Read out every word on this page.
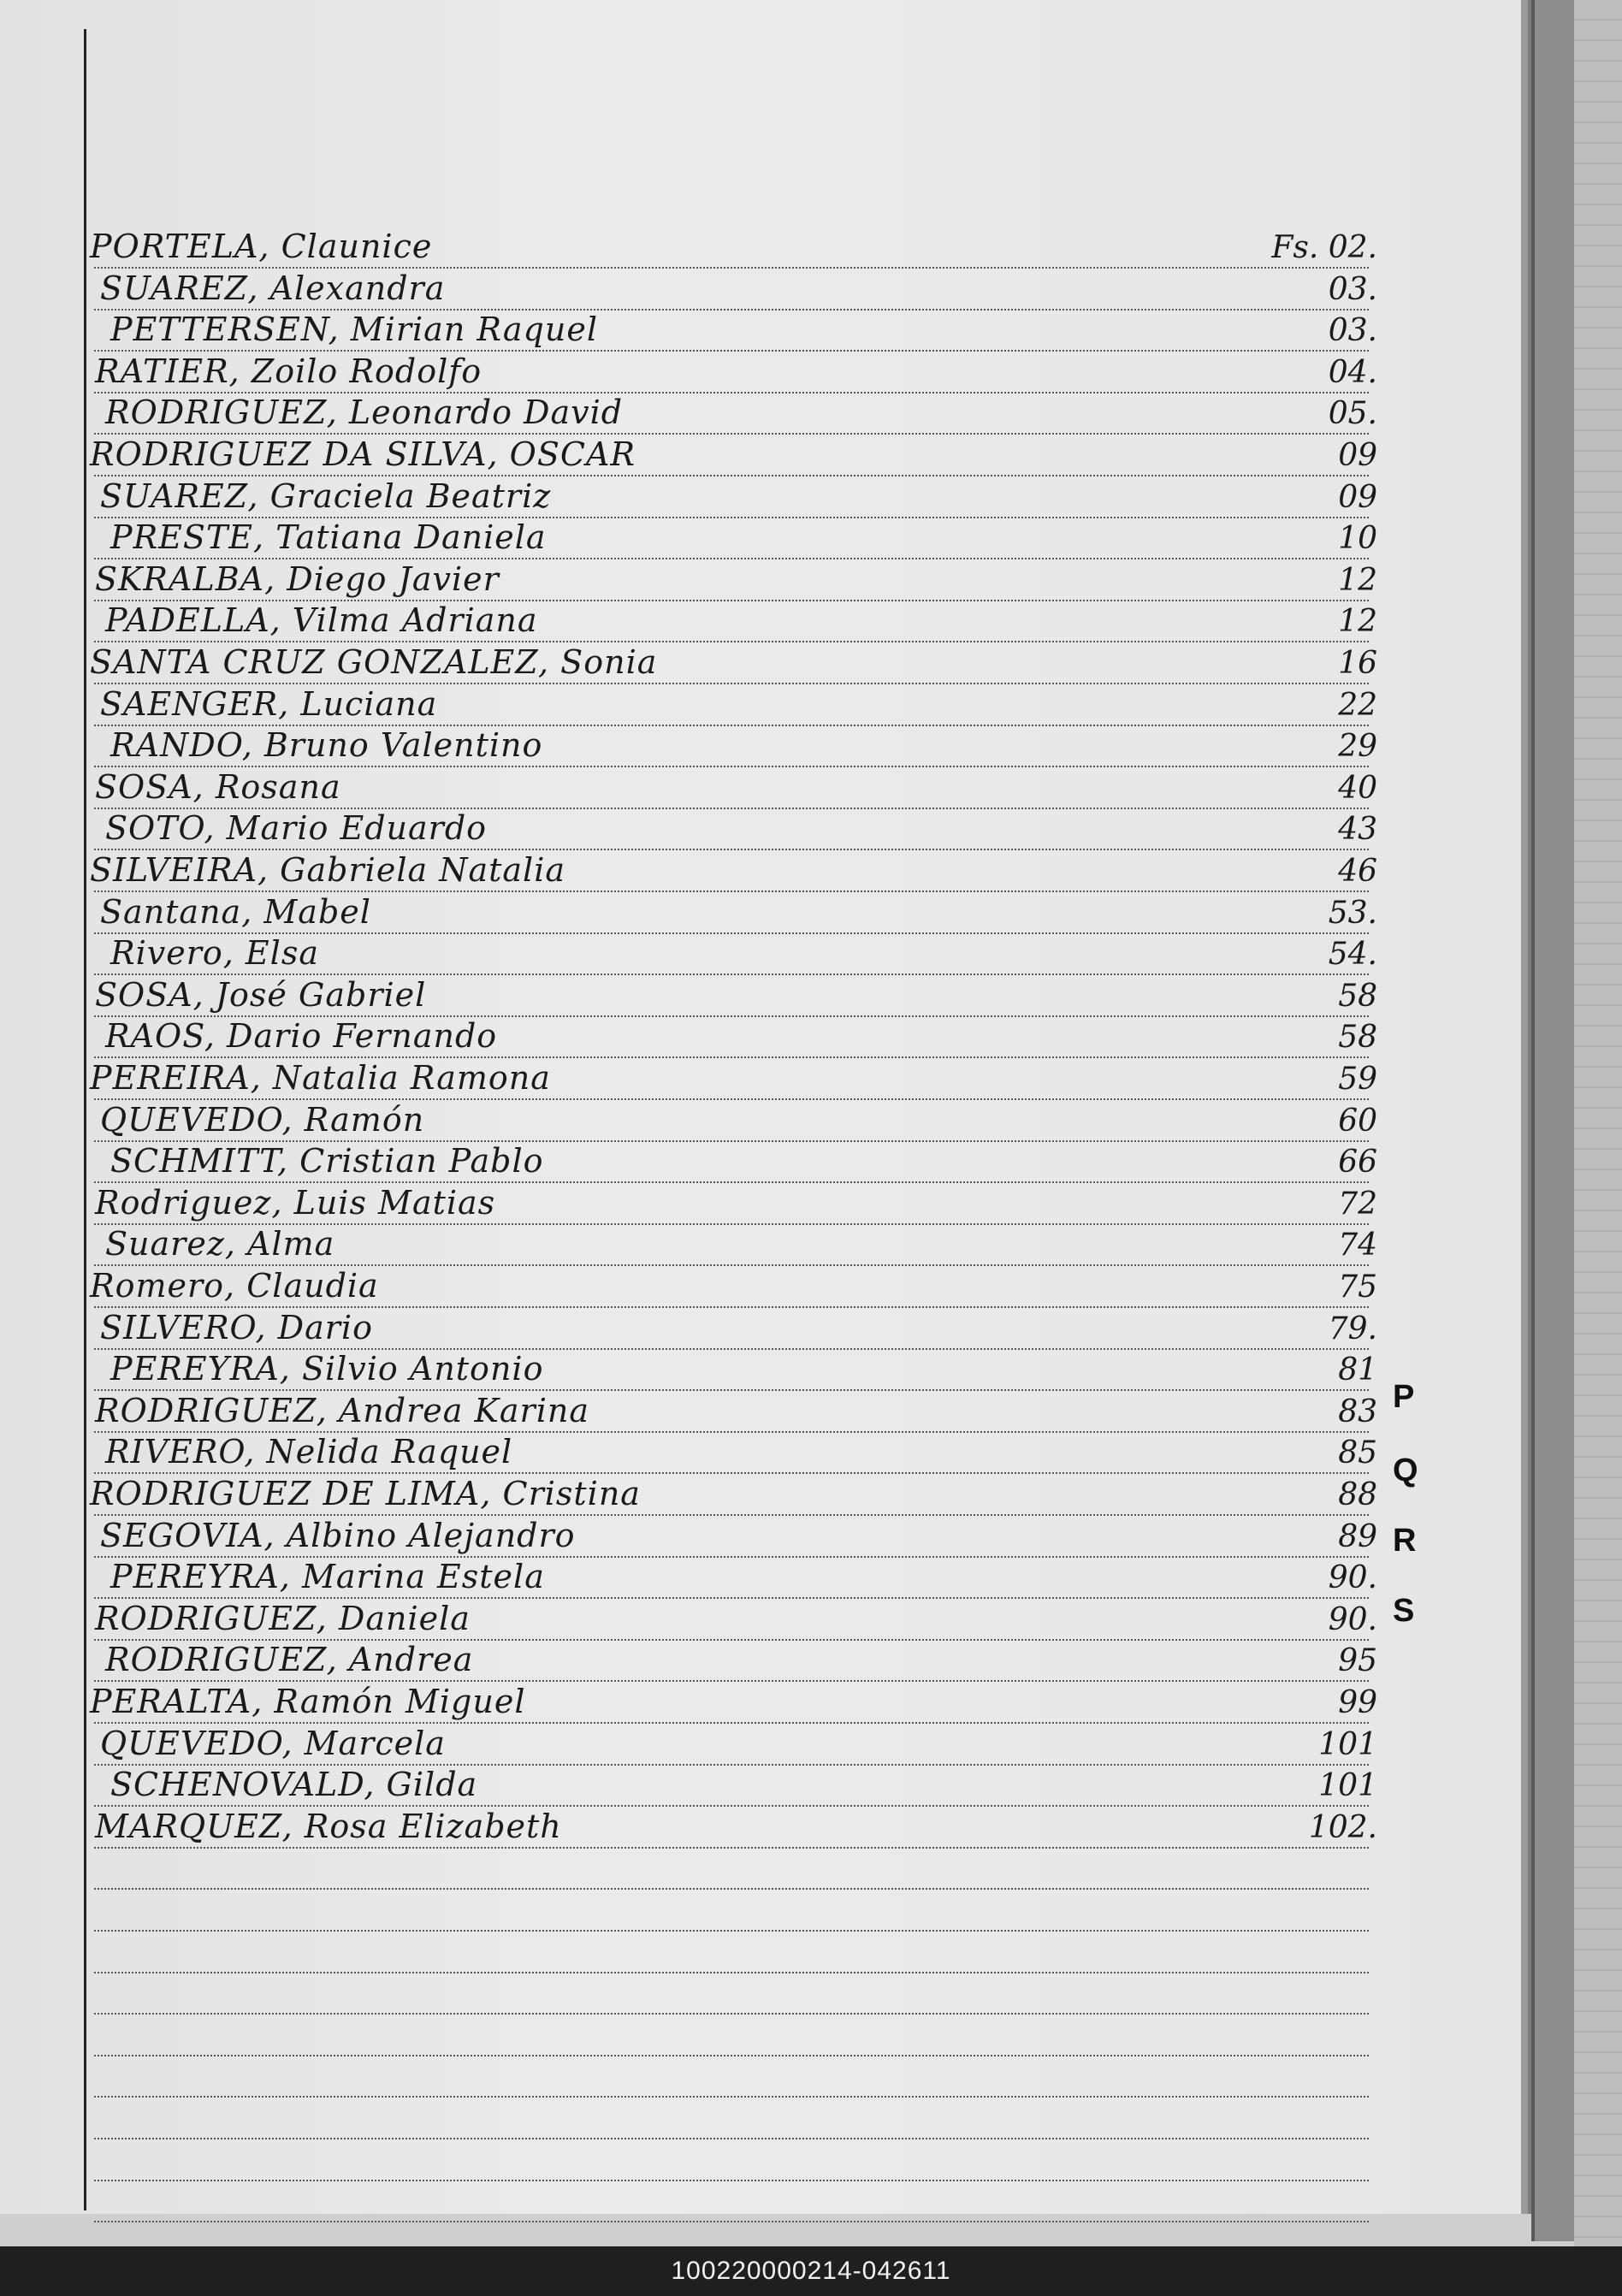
PORTELA, Claunice	Fs. 02.
SUAREZ, Alexandra	03.
PETTERSEN, Mirian Raquel	03.
RATIER, Zoilo Rodolfo	04.
RODRIGUEZ, Leonardo David	05.
RODRIGUEZ DA SILVA, OSCAR	09
SUAREZ, Graciela Beatriz	09
PRESTE, Tatiana Daniela	10
SKRALBA, Diego Javier	12
PADELLA, Vilma Adriana	12
SANTA CRUZ GONZALEZ, Sonia	16
SAENGER, Luciana	22
RANDO, Bruno Valentino	29
SOSA, Rosana	40
SOTO, Mario Eduardo	43
SILVEIRA, Gabriela Natalia	46
Santana, Mabel	53.
Rivero, Elsa	54.
SOSA, José Gabriel	58
RAOS, Dario Fernando	58
PEREIRA, Natalia Ramona	59
QUEVEDO, Ramón	60
SCHMITT, Cristian Pablo	66
Rodriguez, Luis Matias	72
Suarez, Alma	74
Romero, Claudia	75
SILVERO, Dario	79.
PEREYRA, Silvio Antonio	81
RODRIGUEZ, Andrea Karina	83
RIVERO, Nelida Raquel	85
RODRIGUEZ DE LIMA, Cristina	88
SEGOVIA, Albino Alejandro	89
PEREYRA, Marina Estela	90.
RODRIGUEZ, Daniela	90.
RODRIGUEZ, Andrea	95
PERALTA, Ramón Miguel	99
QUEVEDO, Marcela	101
SCHENOVALD, Gilda	101
MARQUEZ, Rosa Elizabeth	102.
P
Q
R
S
100220000214-042611
